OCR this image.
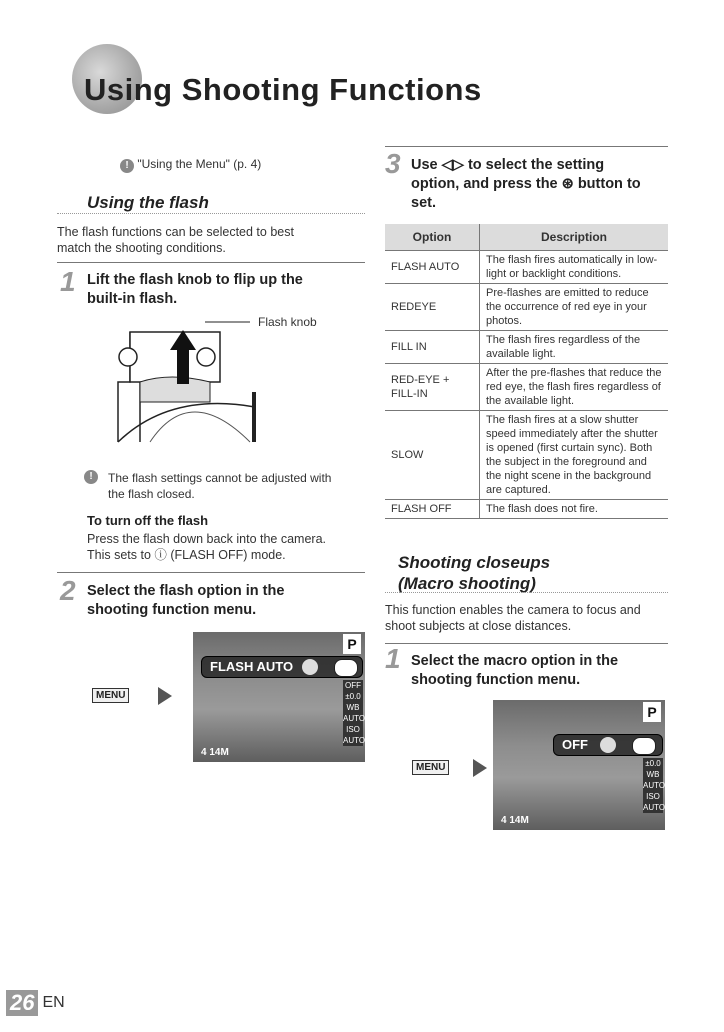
Using Shooting Functions
! "Using the Menu" (p. 4)
Using the flash
The flash functions can be selected to best
match the shooting conditions.
1 Lift the flash knob to flip up the
built-in flash.
Flash knob
!	The flash settings cannot be adjusted with
the flash closed.
To turn off the flash
Press the flash down back into the camera.
This sets to ⓘ (FLASH OFF) mode.
2 Select the flash option in the
shooting function menu.
MENU
P
FLASH AUTO
OFF
±0.0
WB AUTO
ISO AUTO
4 14M
3 Use ◁▷ to select the setting
option, and press the ⊛ button to
set.
Option	Description
FLASH AUTO	The flash fires automatically in low-light or backlight conditions.
REDEYE	Pre-flashes are emitted to reduce the occurrence of red eye in your photos.
FILL IN	The flash fires regardless of the available light.
RED-EYE + FILL-IN	After the pre-flashes that reduce the red eye, the flash fires regardless of the available light.
SLOW	The flash fires at a slow shutter speed immediately after the shutter is opened (first curtain sync). Both the subject in the foreground and the night scene in the background are captured.
FLASH OFF	The flash does not fire.
Shooting closeups
(Macro shooting)
This function enables the camera to focus and
shoot subjects at close distances.
1 Select the macro option in the
shooting function menu.
MENU
P
OFF
±0.0
WB AUTO
ISO AUTO
4 14M
26 EN
